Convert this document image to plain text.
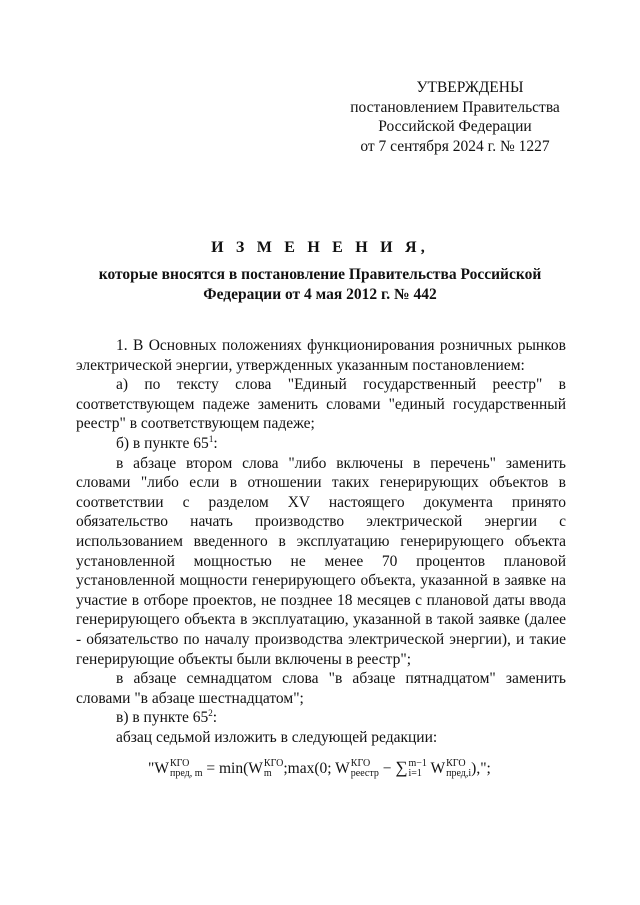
УТВЕРЖДЕНЫ
постановлением Правительства
Российской Федерации
от 7 сентября 2024 г. № 1227
И З М Е Н Е Н И Я,
которые вносятся в постановление Правительства Российской
Федерации от 4 мая 2012 г. № 442

1. В Основных положениях функционирования розничных рынков электрической энергии, утвержденных указанным постановлением:

а) по тексту слова "Единый государственный реестр" в соответствующем падеже заменить словами "единый государственный реестр" в соответствующем падеже;

б) в пункте $65^1$:

в абзаце втором слова "либо включены в перечень" заменить словами "либо если в отношении таких генерирующих объектов в соответствии с разделом XV настоящего документа принято обязательство начать производство электрической энергии с использованием введенного в эксплуатацию генерирующего объекта установленной мощностью не менее 70 процентов плановой установленной мощности генерирующего объекта, указанной в заявке на участие в отборе проектов, не позднее 18 месяцев с плановой даты ввода генерирующего объекта в эксплуатацию, указанной в такой заявке (далее - обязательство по началу производства электрической энергии), и такие генерирующие объекты были включены в реестр";

в абзаце семнадцатом слова "в абзаце пятнадцатом" заменить словами "в абзаце шестнадцатом";

в) в пункте $65^2$:

абзац седьмой изложить в следующей редакции:

"W КГО
пред, m = min(W КГО
m ;max(0; W КГО
реестр − ∑ m−1
i=1 W КГО
пред,i ),";
